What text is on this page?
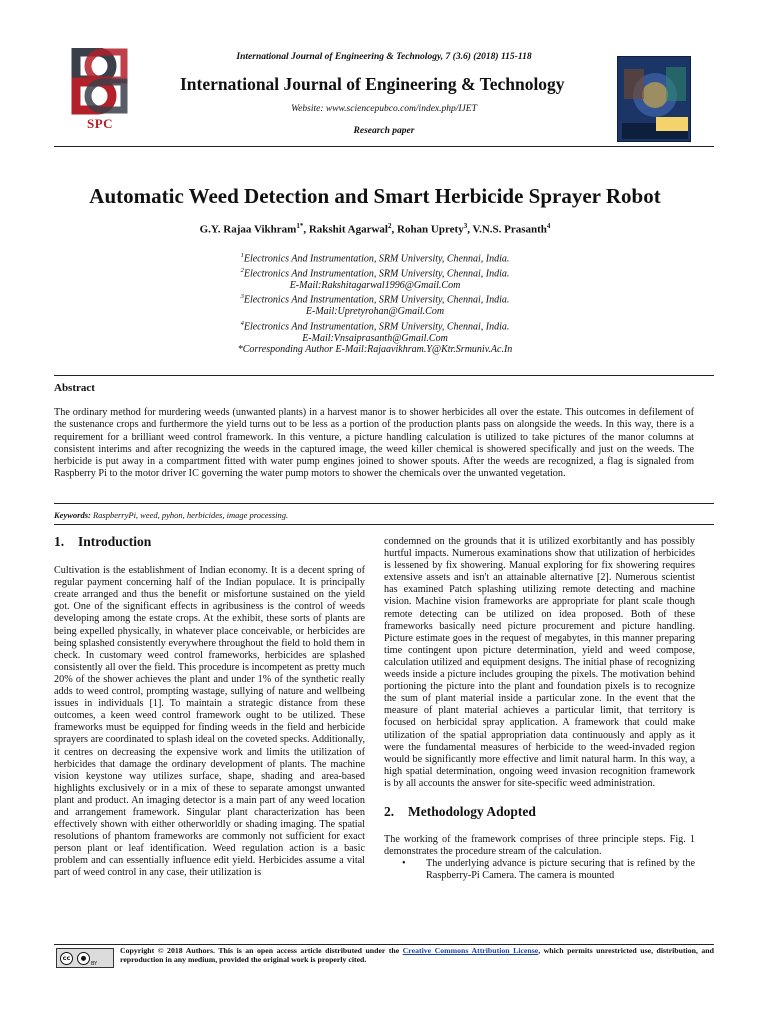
SPC
International Journal of Engineering & Technology, 7 (3.6) (2018) 115-118
International Journal of Engineering & Technology
Website: www.sciencepubco.com/index.php/IJET
Research paper
Automatic Weed Detection and Smart Herbicide Sprayer Robot
G.Y. Rajaa Vikhram$^{1*}$, Rakshit Agarwal$^2$, Rohan Uprety$^3$, V.N.S. Prasanth$^4$
$^1$Electronics And Instrumentation, SRM University, Chennai, India.
$^2$Electronics And Instrumentation, SRM University, Chennai, India.
E-Mail:Rakshitagarwal1996@Gmail.Com
$^3$Electronics And Instrumentation, SRM University, Chennai, India.
E-Mail:Upretyrohan@Gmail.Com
$^4$Electronics And Instrumentation, SRM University, Chennai, India.
E-Mail:Vnsaiprasanth@Gmail.Com
*Corresponding Author E-Mail:Rajaavikhram.Y@Ktr.Srmuniv.Ac.In
Abstract
The ordinary method for murdering weeds (unwanted plants) in a harvest manor is to shower herbicides all over the estate. This outcomes in defilement of the sustenance crops and furthermore the yield turns out to be less as a portion of the production plants pass on alongside the weeds. In this way, there is a requirement for a brilliant weed control framework. In this venture, a picture handling calculation is utilized to take pictures of the manor columns at consistent interims and after recognizing the weeds in the captured image, the weed killer chemical is showered specifically and just on the weeds. The herbicide is put away in a compartment fitted with water pump engines joined to shower spouts. After the weeds are recognized, a flag is signaled from Raspberry Pi to the motor driver IC governing the water pump motors to shower the chemicals over the unwanted vegetation.
Keywords: RaspberryPi, weed, pyhon, herbicides, image processing.
1. Introduction

Cultivation is the establishment of Indian economy. It is a decent spring of regular payment concerning half of the Indian populace. It is principally create arranged and thus the benefit or misfortune sustained on the yield got. One of the significant effects in agribusiness is the control of weeds developing among the estate crops. At the exhibit, these sorts of plants are being expelled physically, in whatever place conceivable, or herbicides are being splashed consistently everywhere throughout the field to hold them in check. In customary weed control frameworks, herbicides are splashed consistently all over the field. This procedure is incompetent as pretty much 20% of the shower achieves the plant and under 1% of the synthetic really adds to weed control, prompting wastage, sullying of nature and wellbeing issues in individuals [1]. To maintain a strategic distance from these outcomes, a keen weed control framework ought to be utilized. These frameworks must be equipped for finding weeds in the field and herbicide sprayers are coordinated to splash ideal on the coveted specks. Additionally, it centres on decreasing the expensive work and limits the utilization of herbicides that damage the ordinary development of plants. The machine vision keystone way utilizes surface, shape, shading and area-based highlights exclusively or in a mix of these to separate amongst unwanted plant and product. An imaging detector is a main part of any weed location and arrangement framework. Singular plant characterization has been effectively shown with either otherworldly or shading imaging. The spatial resolutions of phantom frameworks are commonly not sufficient for exact person plant or leaf identification. Weed regulation action is a basic problem and can essentially influence edit yield. Herbicides assume a vital part of weed control in any case, their utilization is

condemned on the grounds that it is utilized exorbitantly and has possibly hurtful impacts. Numerous examinations show that utilization of herbicides is lessened by fix showering. Manual exploring for fix showering requires extensive assets and isn't an attainable alternative [2]. Numerous scientist has examined Patch splashing utilizing remote detecting and machine vision. Machine vision frameworks are appropriate for plant scale though remote detecting can be utilized on idea proposed. Both of these frameworks basically need picture procurement and picture handling. Picture estimate goes in the request of megabytes, in this manner preparing time contingent upon picture determination, yield and weed compose, calculation utilized and equipment designs. The initial phase of recognizing weeds inside a picture includes grouping the pixels. The motivation behind portioning the picture into the plant and foundation pixels is to recognize the sum of plant material inside a particular zone. In the event that the measure of plant material achieves a particular limit, that territory is focused on herbicidal spray application. A framework that could make utilization of the spatial appropriation data continuously and apply as it were the fundamental measures of herbicide to the weed-invaded region would be significantly more effective and limit natural harm. In this way, a high spatial determination, ongoing weed invasion recognition framework is by all accounts the answer for site-specific weed administration.

2. Methodology Adopted

The working of the framework comprises of three principle steps. Fig. 1 demonstrates the procedure stream of the calculation.

• The underlying advance is picture securing that is refined by the Raspberry-Pi Camera. The camera is mounted
cc	●
BY
Copyright © 2018 Authors. This is an open access article distributed under the Creative Commons Attribution License, which permits unrestricted use, distribution, and reproduction in any medium, provided the original work is properly cited.
